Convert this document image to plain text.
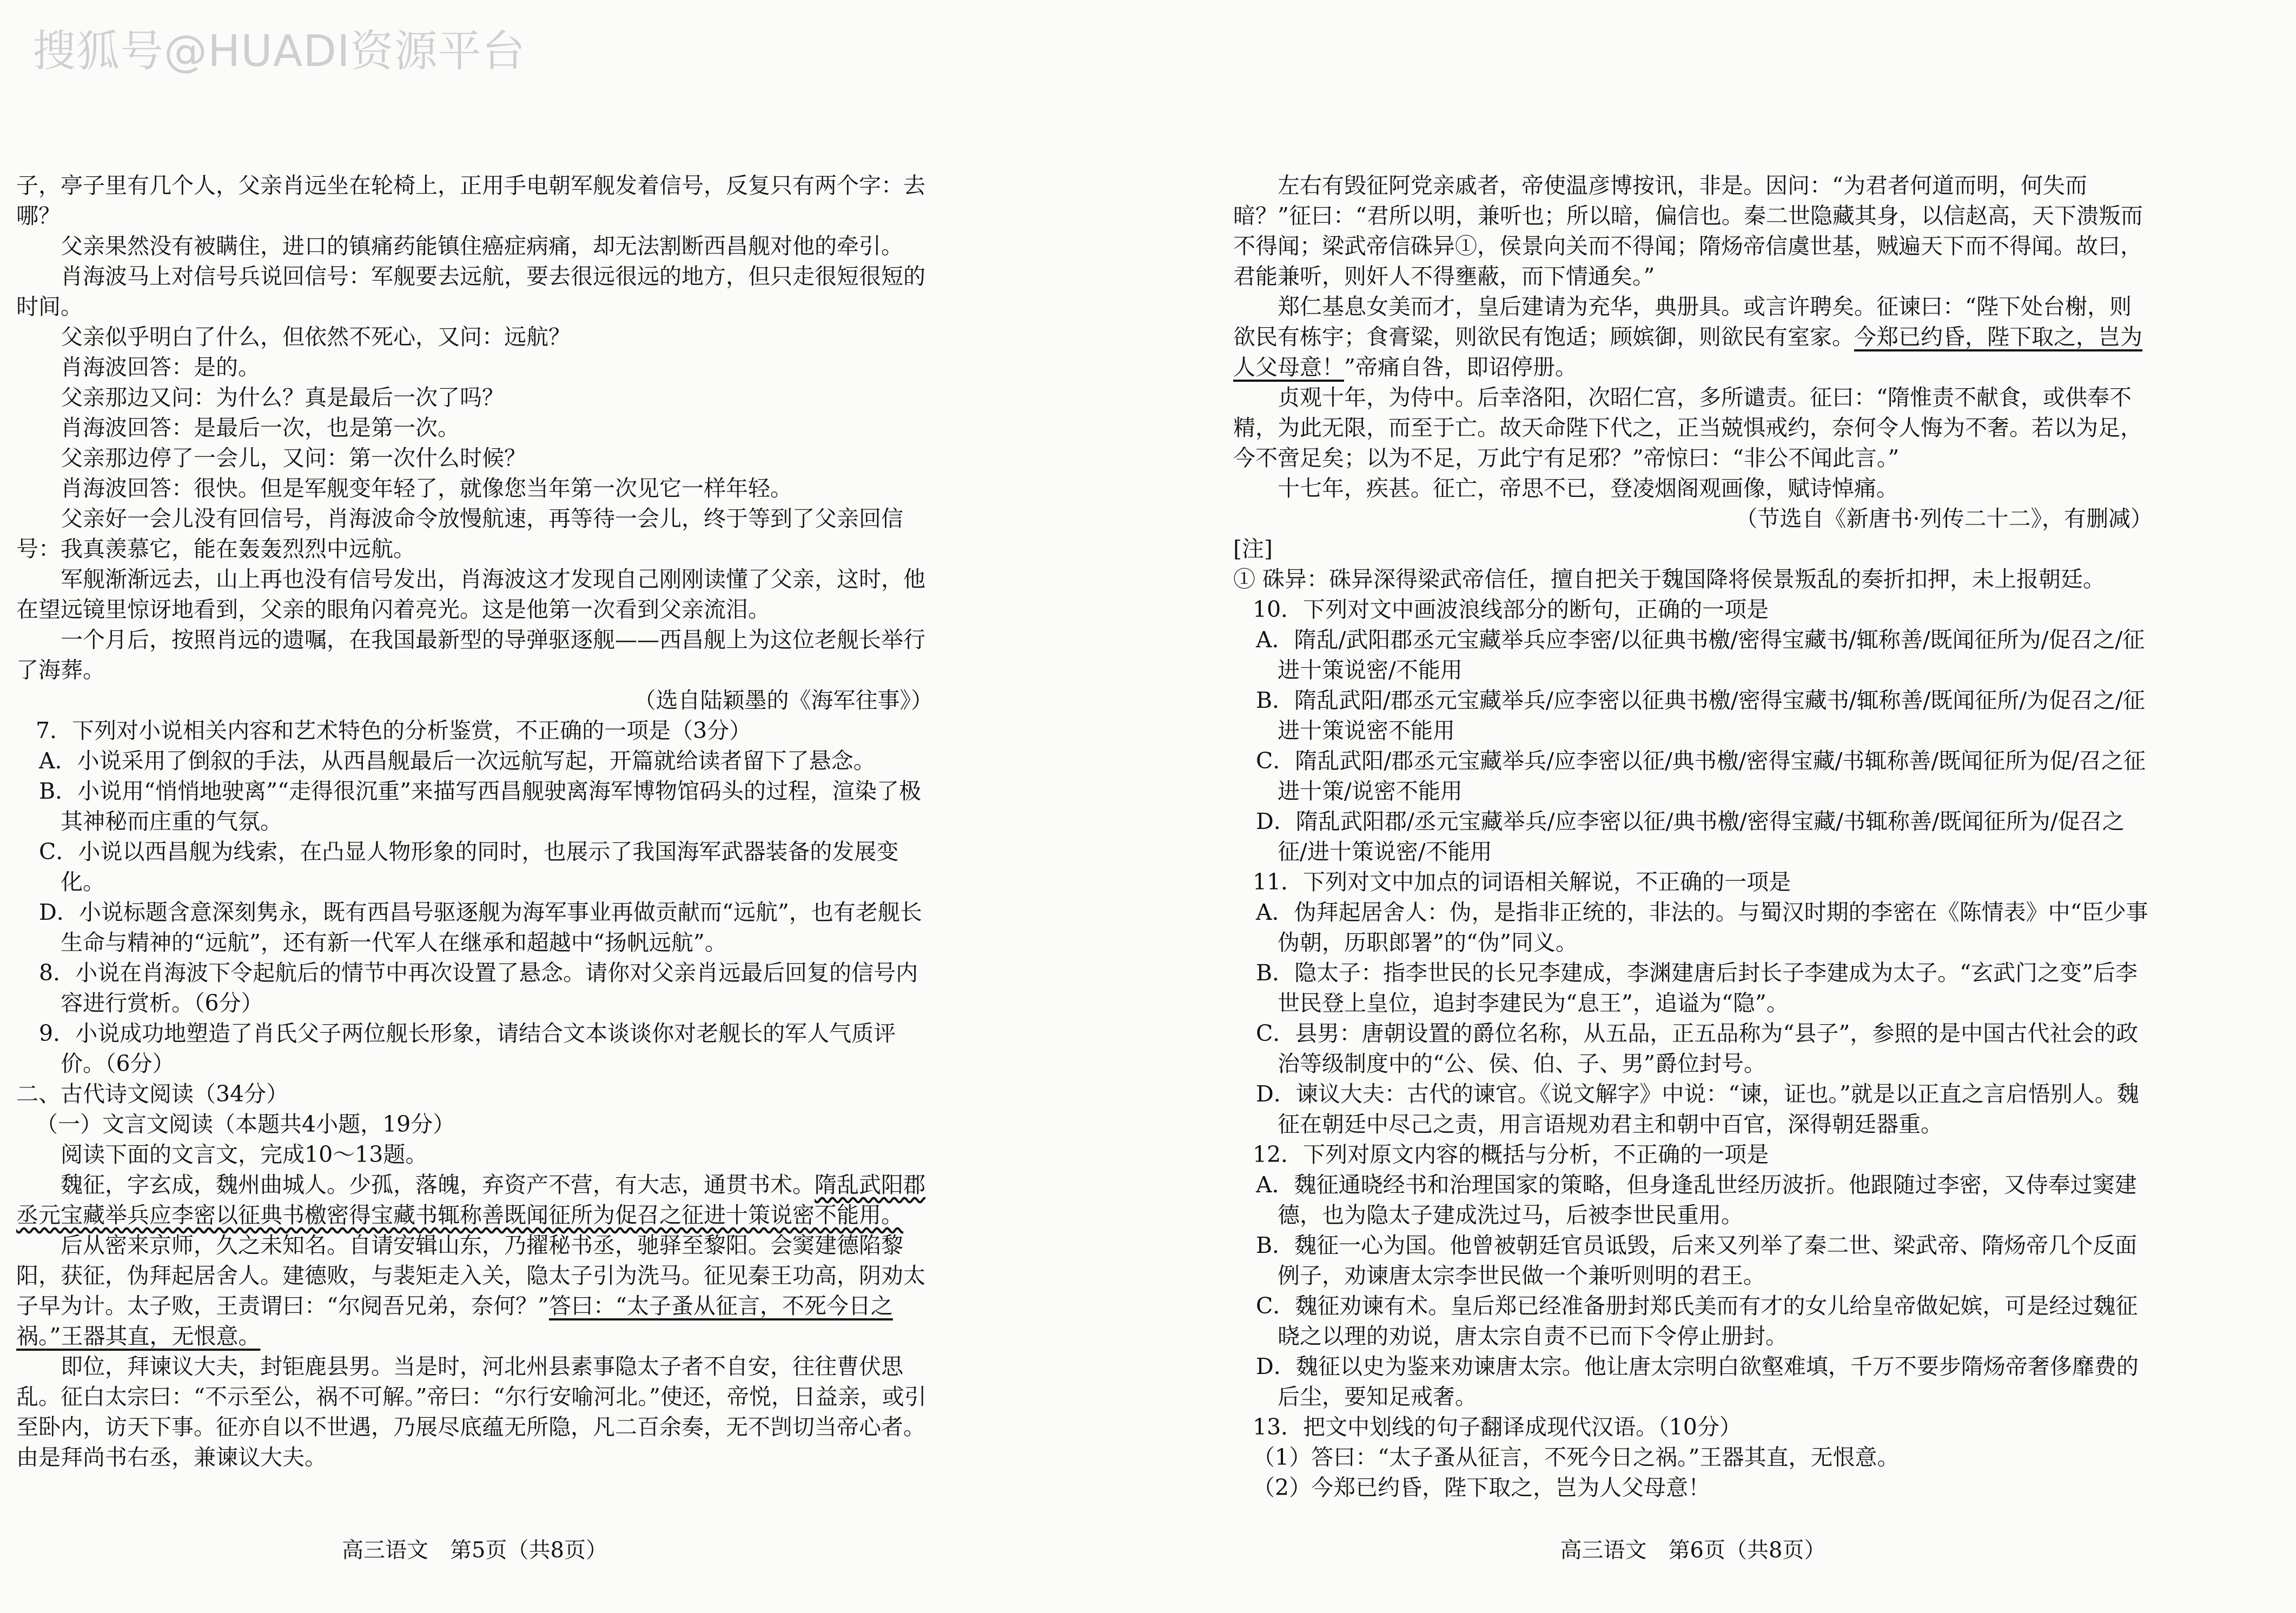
搜狐号@HUADI资源平台

子，亭子里有几个人，父亲肖远坐在轮椅上，正用手电朝军舰发着信号，反复只有两个字：去哪？

父亲果然没有被瞒住，进口的镇痛药能镇住癌症病痛，却无法割断西昌舰对他的牵引。

肖海波马上对信号兵说回信号：军舰要去远航，要去很远很远的地方，但只走很短很短的时间。

父亲似乎明白了什么，但依然不死心，又问：远航？

肖海波回答：是的。

父亲那边又问：为什么？真是最后一次了吗？

肖海波回答：是最后一次，也是第一次。

父亲那边停了一会儿，又问：第一次什么时候？

肖海波回答：很快。但是军舰变年轻了，就像您当年第一次见它一样年轻。

父亲好一会儿没有回信号，肖海波命令放慢航速，再等待一会儿，终于等到了父亲回信号：我真羡慕它，能在轰轰烈烈中远航。

军舰渐渐远去，山上再也没有信号发出，肖海波这才发现自己刚刚读懂了父亲，这时，他在望远镜里惊讶地看到，父亲的眼角闪着亮光。这是他第一次看到父亲流泪。

一个月后，按照肖远的遗嘱，在我国最新型的导弹驱逐舰——西昌舰上为这位老舰长举行了海葬。

（选自陆颖墨的《海军往事》）

7．下列对小说相关内容和艺术特色的分析鉴赏，不正确的一项是（3分）

A．小说采用了倒叙的手法，从西昌舰最后一次远航写起，开篇就给读者留下了悬念。

B．小说用“悄悄地驶离”“走得很沉重”来描写西昌舰驶离海军博物馆码头的过程，渲染了极其神秘而庄重的气氛。

C．小说以西昌舰为线索，在凸显人物形象的同时，也展示了我国海军武器装备的发展变化。

D．小说标题含意深刻隽永，既有西昌号驱逐舰为海军事业再做贡献而“远航”，也有老舰长生命与精神的“远航”，还有新一代军人在继承和超越中“扬帆远航”。

8．小说在肖海波下令起航后的情节中再次设置了悬念。请你对父亲肖远最后回复的信号内容进行赏析。（6分）

9．小说成功地塑造了肖氏父子两位舰长形象，请结合文本谈谈你对老舰长的军人气质评价。（6分）

二、古代诗文阅读（34分）

（一）文言文阅读（本题共4小题，19分）

阅读下面的文言文，完成10～13题。

魏征，字玄成，魏州曲城人。少孤，落魄，弃资产不营，有大志，通贯书术。隋乱武阳郡丞元宝藏举兵应李密以征典书檄密得宝藏书辄称善既闻征所为促召之征进十策说密不能用。

后从密来京师，久之未知名。自请安辑山东，乃擢秘书丞，驰驿至黎阳。会窦建德陷黎阳，获征，伪拜起居舍人。建德败，与裴矩走入关，隐太子引为洗马。征见秦王功高，阴劝太子早为计。太子败，王责谓曰：“尔阋吾兄弟，奈何？”答曰：“太子蚤从征言，不死今日之祸。”王器其直，无恨意。

即位，拜谏议大夫，封钜鹿县男。当是时，河北州县素事隐太子者不自安，往往曹伏思乱。征白太宗曰：“不示至公，祸不可解。”帝曰：“尔行安喻河北。”使还，帝悦，日益亲，或引至卧内，访天下事。征亦自以不世遇，乃展尽底蕴无所隐，凡二百余奏，无不剀切当帝心者。由是拜尚书右丞，兼谏议大夫。

高三语文　第5页（共8页）

左右有毁征阿党亲戚者，帝使温彦博按讯，非是。因问：“为君者何道而明，何失而暗？”征曰：“君所以明，兼听也；所以暗，偏信也。秦二世隐藏其身，以信赵高，天下溃叛而不得闻；梁武帝信硃异①，侯景向关而不得闻；隋炀帝信虞世基，贼遍天下而不得闻。故曰，君能兼听，则奸人不得壅蔽，而下情通矣。”

郑仁基息女美而才，皇后建请为充华，典册具。或言许聘矣。征谏曰：“陛下处台榭，则欲民有栋宇；食膏粱，则欲民有饱适；顾嫔御，则欲民有室家。今郑已约昏，陛下取之，岂为人父母意！”帝痛自咎，即诏停册。

贞观十年，为侍中。后幸洛阳，次昭仁宫，多所谴责。征曰：“隋惟责不献食，或供奉不精，为此无限，而至于亡。故天命陛下代之，正当兢惧戒约，奈何令人悔为不奢。若以为足，今不啻足矣；以为不足，万此宁有足邪？”帝惊曰：“非公不闻此言。”

十七年，疾甚。征亡，帝思不已，登凌烟阁观画像，赋诗悼痛。

（节选自《新唐书·列传二十二》，有删减）

[注]

① 硃异：硃异深得梁武帝信任，擅自把关于魏国降将侯景叛乱的奏折扣押，未上报朝廷。

10．下列对文中画波浪线部分的断句，正确的一项是

A．隋乱/武阳郡丞元宝藏举兵应李密/以征典书檄/密得宝藏书/辄称善/既闻征所为/促召之/征进十策说密/不能用

B．隋乱武阳/郡丞元宝藏举兵/应李密以征典书檄/密得宝藏书/辄称善/既闻征所/为促召之/征进十策说密不能用

C．隋乱武阳/郡丞元宝藏举兵/应李密以征/典书檄/密得宝藏/书辄称善/既闻征所为促/召之征进十策/说密不能用

D．隋乱武阳郡/丞元宝藏举兵/应李密以征/典书檄/密得宝藏/书辄称善/既闻征所为/促召之征/进十策说密/不能用

11．下列对文中加点的词语相关解说，不正确的一项是

A．伪拜起居舍人：伪，是指非正统的，非法的。与蜀汉时期的李密在《陈情表》中“臣少事伪朝，历职郎署”的“伪”同义。

B．隐太子：指李世民的长兄李建成，李渊建唐后封长子李建成为太子。“玄武门之变”后李世民登上皇位，追封李建民为“息王”，追谥为“隐”。

C．县男：唐朝设置的爵位名称，从五品，正五品称为“县子”，参照的是中国古代社会的政治等级制度中的“公、侯、伯、子、男”爵位封号。

D．谏议大夫：古代的谏官。《说文解字》中说：“谏，证也。”就是以正直之言启悟别人。魏征在朝廷中尽己之责，用言语规劝君主和朝中百官，深得朝廷器重。

12．下列对原文内容的概括与分析，不正确的一项是

A．魏征通晓经书和治理国家的策略，但身逢乱世经历波折。他跟随过李密，又侍奉过窦建德，也为隐太子建成洗过马，后被李世民重用。

B．魏征一心为国。他曾被朝廷官员诋毁，后来又列举了秦二世、梁武帝、隋炀帝几个反面例子，劝谏唐太宗李世民做一个兼听则明的君王。

C．魏征劝谏有术。皇后郑已经准备册封郑氏美而有才的女儿给皇帝做妃嫔，可是经过魏征晓之以理的劝说，唐太宗自责不已而下令停止册封。

D．魏征以史为鉴来劝谏唐太宗。他让唐太宗明白欲壑难填，千万不要步隋炀帝奢侈靡费的后尘，要知足戒奢。

13．把文中划线的句子翻译成现代汉语。（10分）

（1）答曰：“太子蚤从征言，不死今日之祸。”王器其直，无恨意。

（2）今郑已约昏，陛下取之，岂为人父母意！

高三语文　第6页（共8页）
